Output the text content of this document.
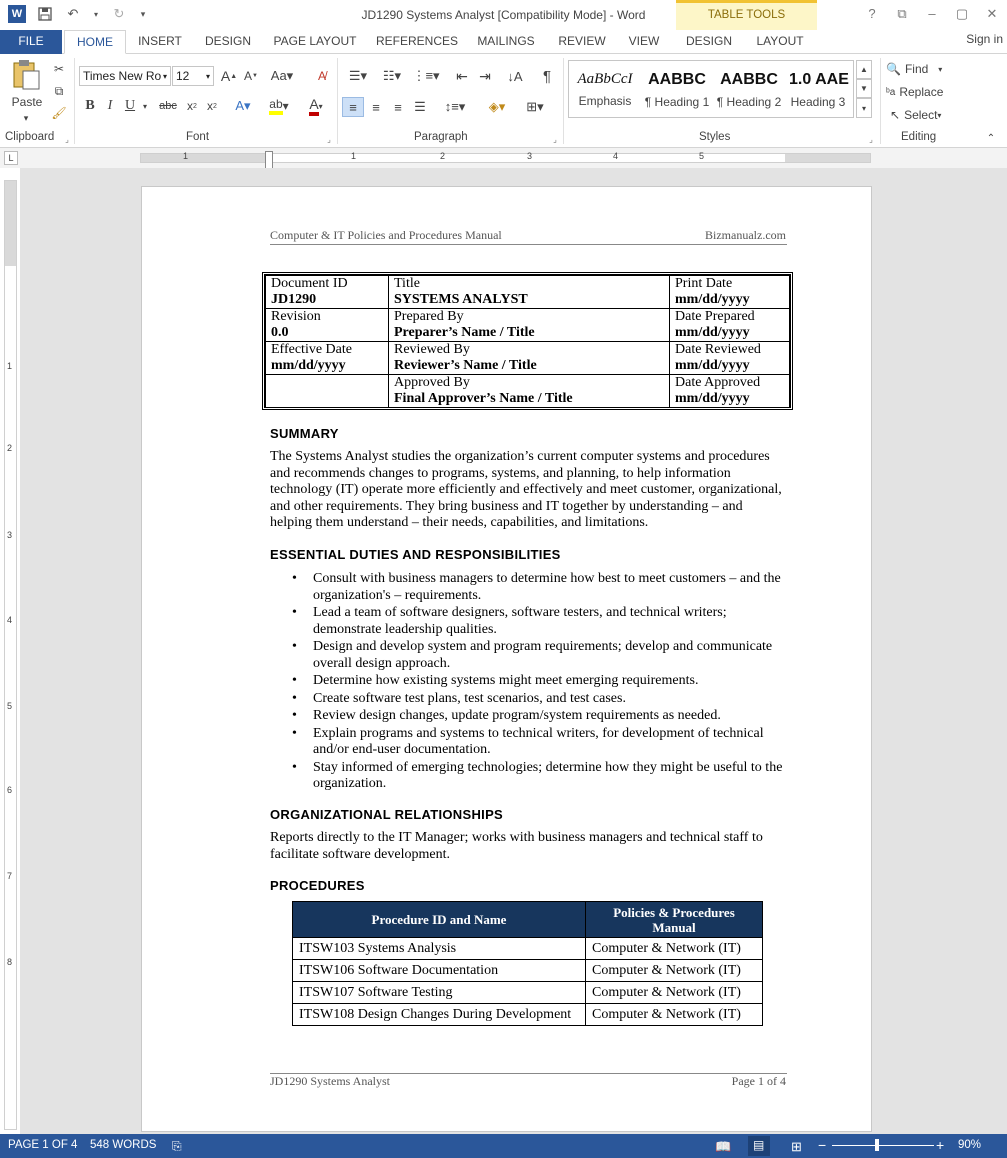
JD1290 Systems Analyst [Compatibility Mode] - Word
W	↶	▾ ↻	▾	TABLE TOOLS	?	⧉	–	▢	✕
FILE	HOME	INSERT	DESIGN	PAGE LAYOUT REFERENCES	MAILINGS	REVIEW	VIEW	DESIGN	LAYOUT	Sign in
Paste
▾
✂
⧉
🖌
Clipboard	⌟
Times New Ro ▾ 12 ▾ A ▲ A ▼ Aa▾	A̸
B I U ▾ abc x 2 x 2	A▾	ab ▾ A ▾
Font	⌟
☰▾	☷▾ ⋮≡▾ ⇤ ⇥	↓A	¶
≡	≡	≡ ☰	↕≡▾	◈▾	⊞▾
Paragraph	⌟
AaBbCcI
Emphasis
AABBC
¶ Heading 1
AABBC
¶ Heading 2
1.0 AAE
Heading 3
▲
▼
▾
Styles	⌟
🔍 Find ▾
ᵇa Replace
↖ Select ▾
Editing	⌃
L	1	1	2	3	4	5
1
2
3
4
5
6
7
8
Computer & IT Policies and Procedures Manual	Bizmanualz.com
Document ID
JD1290	Title
SYSTEMS ANALYST	Print Date
mm/dd/yyyy

Revision
0.0	Prepared By
Preparer’s Name / Title	Date Prepared
mm/dd/yyyy

Effective Date
mm/dd/yyyy	Reviewed By
Reviewer’s Name / Title	Date Reviewed
mm/dd/yyyy

	Approved By
Final Approver’s Name / Title	Date Approved
mm/dd/yyyy
SUMMARY
The Systems Analyst studies the organization’s current computer systems and procedures and recommends changes to programs, systems, and planning, to help information technology (IT) operate more efficiently and effectively and meet customer, organizational, and other requirements. They bring business and IT together by understanding – and helping them understand – their needs, capabilities, and limitations.
ESSENTIAL DUTIES AND RESPONSIBILITIES
• Consult with business managers to determine how best to meet customers – and the organization's – requirements.
• Lead a team of software designers, software testers, and technical writers; demonstrate leadership qualities.
• Design and develop system and program requirements; develop and communicate overall design approach.
• Determine how existing systems might meet emerging requirements.
• Create software test plans, test scenarios, and test cases.
• Review design changes, update program/system requirements as needed.
• Explain programs and systems to technical writers, for development of technical and/or end-user documentation.
• Stay informed of emerging technologies; determine how they might be useful to the organization.
ORGANIZATIONAL RELATIONSHIPS
Reports directly to the IT Manager; works with business managers and technical staff to facilitate software development.
PROCEDURES
Procedure ID and Name	Policies & Procedures Manual
ITSW103 Systems Analysis	Computer & Network (IT)
ITSW106 Software Documentation	Computer & Network (IT)
ITSW107 Software Testing	Computer & Network (IT)
ITSW108 Design Changes During Development	Computer & Network (IT)
JD1290 Systems Analyst	Page 1 of 4
PAGE 1 OF 4 548 WORDS ⎘	📖 ▤ ⊞ −	+ 90%
